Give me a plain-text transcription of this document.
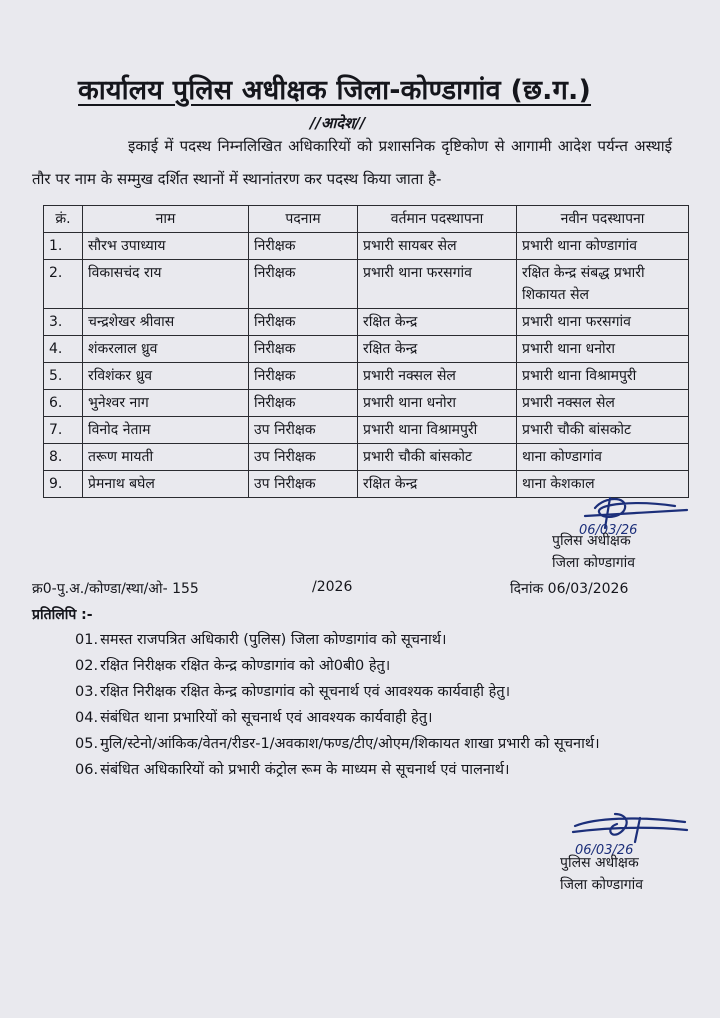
कार्यालय पुलिस अधीक्षक जिला-कोण्डागांव (छ.ग.)
//आदेश//
इकाई में पदस्थ निम्नलिखित अधिकारियों को प्रशासनिक दृष्टिकोण से आगामी आदेश पर्यन्त अस्थाई तौर पर नाम के सम्मुख दर्शित स्थानों में स्थानांतरण कर पदस्थ किया जाता है-
क्रं.	नाम	पदनाम	वर्तमान पदस्थापना	नवीन पदस्थापना
1.	सौरभ उपाध्याय	निरीक्षक	प्रभारी सायबर सेल	प्रभारी थाना कोण्डागांव
2.	विकासचंद राय	निरीक्षक	प्रभारी थाना फरसगांव	रक्षित केन्द्र संबद्ध प्रभारी शिकायत सेल
3.	चन्द्रशेखर श्रीवास	निरीक्षक	रक्षित केन्द्र	प्रभारी थाना फरसगांव
4.	शंकरलाल ध्रुव	निरीक्षक	रक्षित केन्द्र	प्रभारी थाना धनोरा
5.	रविशंकर ध्रुव	निरीक्षक	प्रभारी नक्सल सेल	प्रभारी थाना विश्रामपुरी
6.	भुनेश्वर नाग	निरीक्षक	प्रभारी थाना धनोरा	प्रभारी नक्सल सेल
7.	विनोद नेताम	उप निरीक्षक	प्रभारी थाना विश्रामपुरी	प्रभारी चौकी बांसकोट
8.	तरूण मायती	उप निरीक्षक	प्रभारी चौकी बांसकोट	थाना कोण्डागांव
9.	प्रेमनाथ बघेल	उप निरीक्षक	रक्षित केन्द्र	थाना केशकाल
06/03/26
पुलिस अधीक्षक
जिला कोण्डागांव
क्र0-पु.अ./कोण्डा/स्था/ओ- 155	/2026	दिनांक 06/03/2026
प्रतिलिपि :-
01. समस्त राजपत्रित अधिकारी (पुलिस) जिला कोण्डागांव को सूचनार्थ।
02. रक्षित निरीक्षक रक्षित केन्द्र कोण्डागांव को ओ0बी0 हेतु।
03. रक्षित निरीक्षक रक्षित केन्द्र कोण्डागांव को सूचनार्थ एवं आवश्यक कार्यवाही हेतु।
04. संबंधित थाना प्रभारियों को सूचनार्थ एवं आवश्यक कार्यवाही हेतु।
05. मुलि/स्टेनो/आंकिक/वेतन/रीडर-1/अवकाश/फण्ड/टीए/ओएम/शिकायत शाखा प्रभारी को सूचनार्थ।
06. संबंधित अधिकारियों को प्रभारी कंट्रोल रूम के माध्यम से सूचनार्थ एवं पालनार्थ।
06/03/26
पुलिस अधीक्षक
जिला कोण्डागांव
